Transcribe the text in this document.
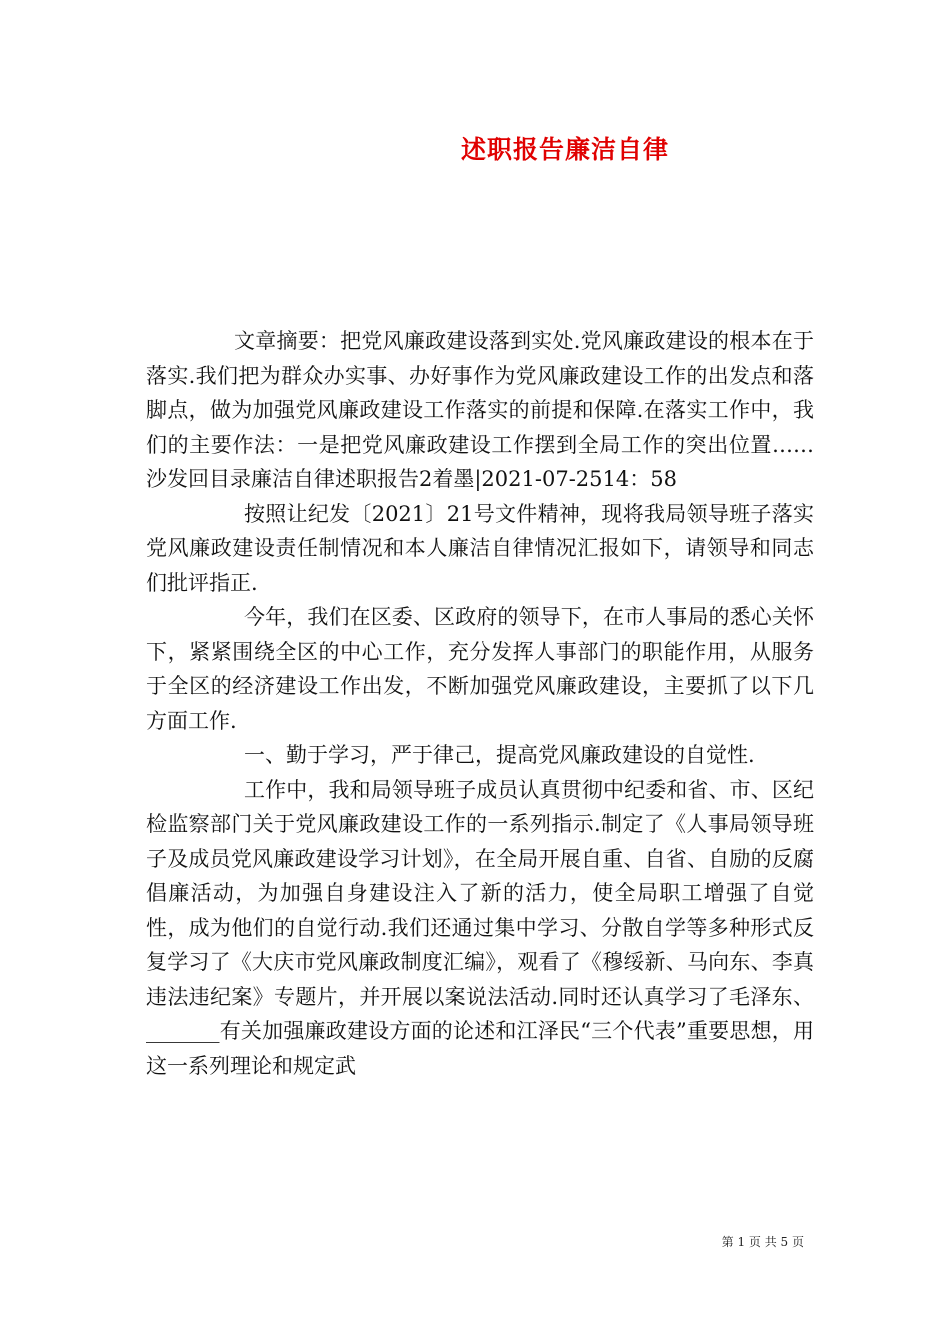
述职报告廉洁自律

文章摘要：把党风廉政建设落到实处.党风廉政建设的根本在于落实.我们把为群众办实事、办好事作为党风廉政建设工作的出发点和落脚点，做为加强党风廉政建设工作落实的前提和保障.在落实工作中，我们的主要作法：一是把党风廉政建设工作摆到全局工作的突出位置……沙发回目录廉洁自律述职报告2着墨|2021-07-2514：58

按照让纪发〔2021〕21号文件精神，现将我局领导班子落实党风廉政建设责任制情况和本人廉洁自律情况汇报如下，请领导和同志们批评指正.

今年，我们在区委、区政府的领导下，在市人事局的悉心关怀下，紧紧围绕全区的中心工作，充分发挥人事部门的职能作用，从服务于全区的经济建设工作出发，不断加强党风廉政建设，主要抓了以下几方面工作.

一、勤于学习，严于律己，提高党风廉政建设的自觉性.

工作中，我和局领导班子成员认真贯彻中纪委和省、市、区纪检监察部门关于党风廉政建设工作的一系列指示.制定了《人事局领导班子及成员党风廉政建设学习计划》，在全局开展自重、自省、自励的反腐倡廉活动，为加强自身建设注入了新的活力，使全局职工增强了自觉性，成为他们的自觉行动.我们还通过集中学习、分散自学等多种形式反复学习了《大庆市党风廉政制度汇编》，观看了《穆绥新、马向东、李真违法违纪案》专题片，并开展以案说法活动.同时还认真学习了毛泽东、_______有关加强廉政建设方面的论述和江泽民“三个代表”重要思想，用这一系列理论和规定武

第 1 页 共 5 页
